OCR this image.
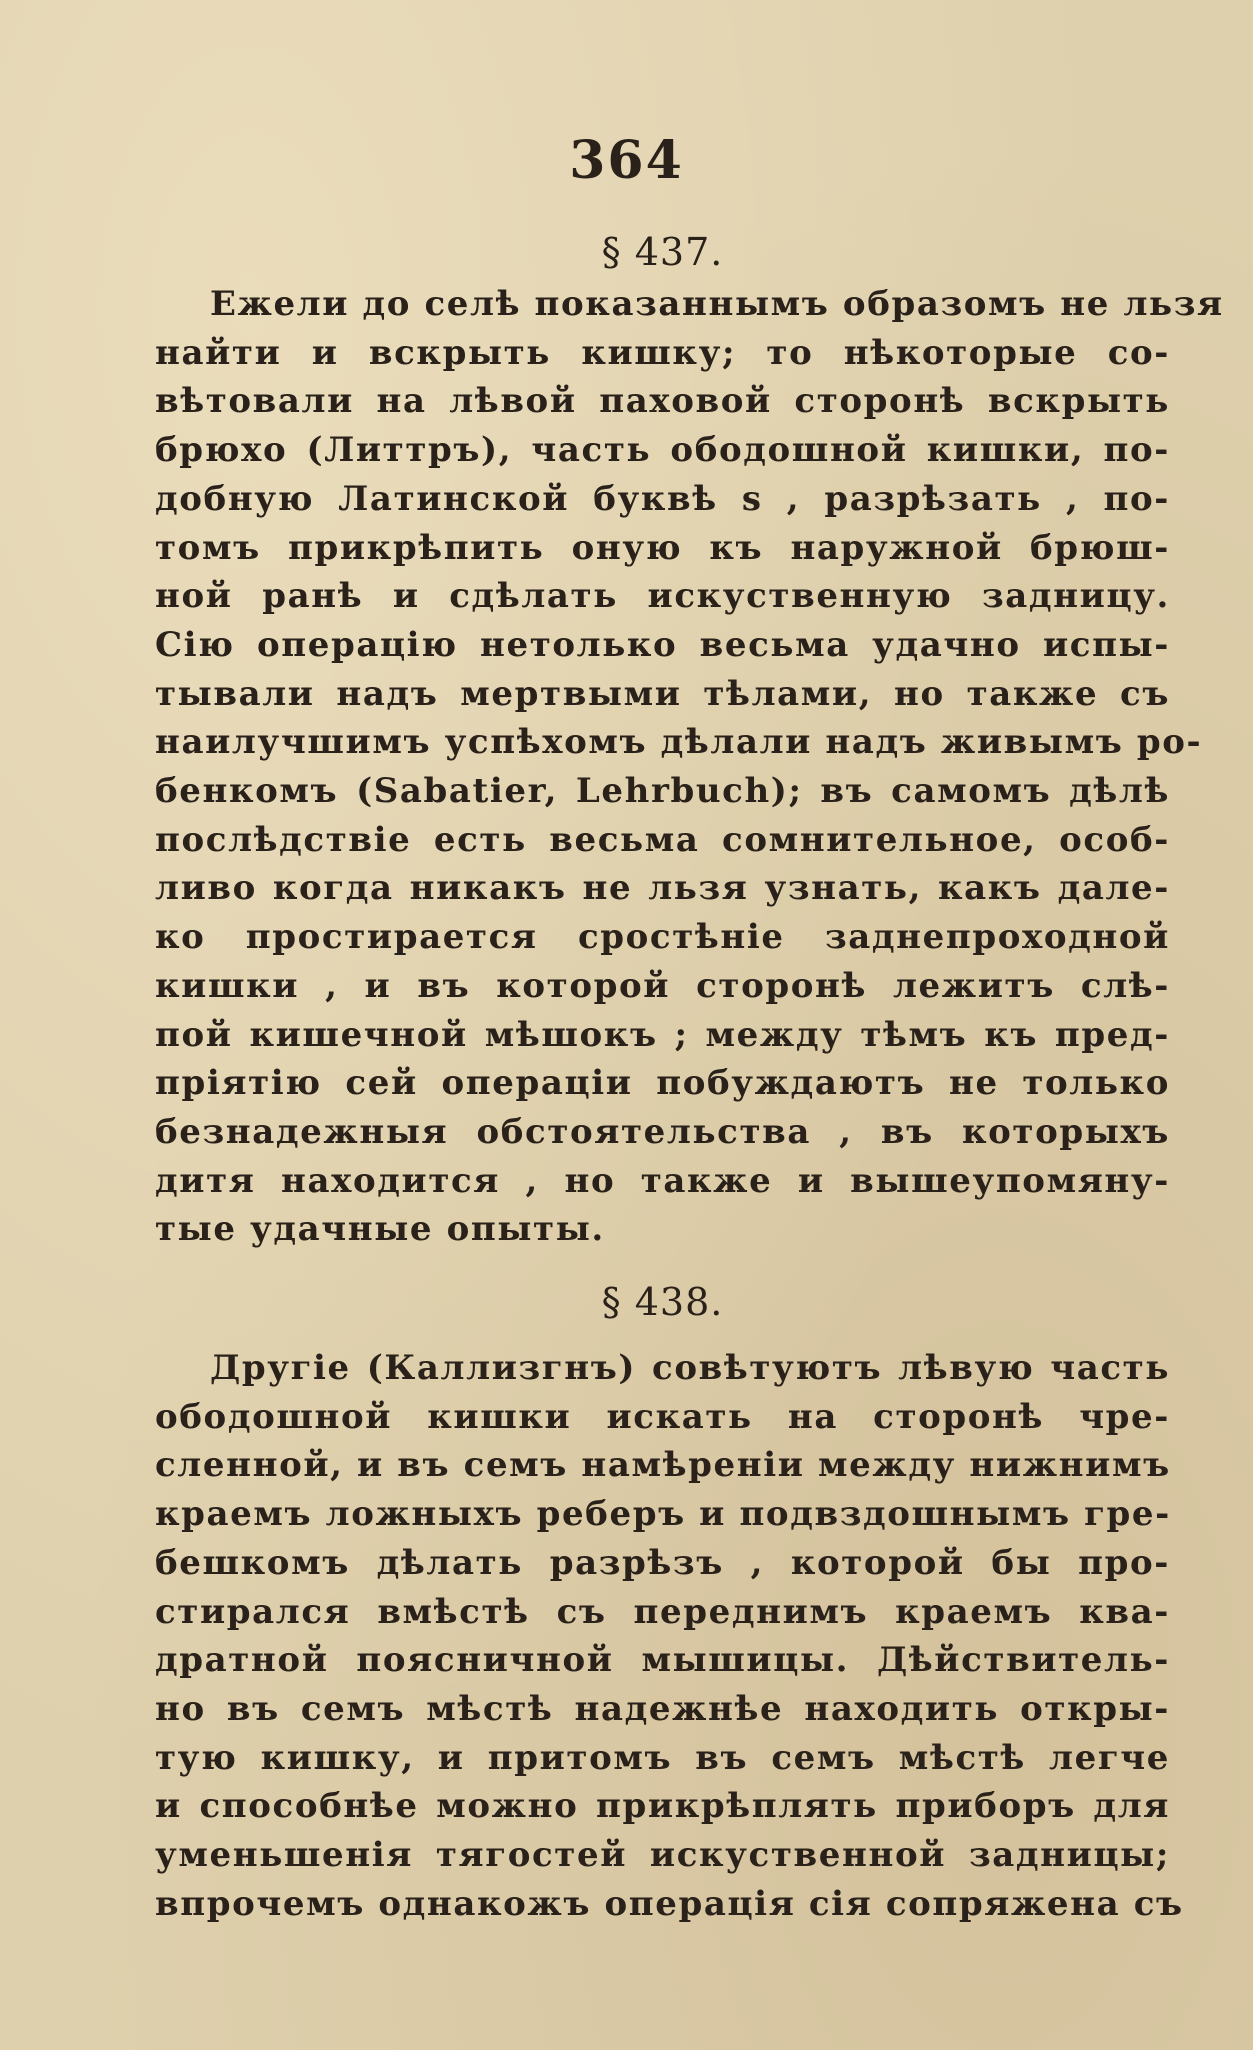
364
§ 437.
Ежели до селѣ показаннымъ образомъ не льзя
найти и вскрыть кишку; то нѣкоторые со-
вѣтовали на лѣвой паховой сторонѣ вскрыть
брюхо (Литтръ), часть ободошной кишки, по-
добную Латинской буквѣ s , разрѣзать , по-
томъ прикрѣпить оную къ наружной брюш-
ной ранѣ и сдѣлать искуственную задницу.
Сiю операцiю нетолько весьма удачно испы-
тывали надъ мертвыми тѣлами, но также съ
наилучшимъ успѣхомъ дѣлали надъ живымъ ро-
бенкомъ (Sabatier, Lehrbuch); въ самомъ дѣлѣ
послѣдствiе есть весьма сомнительное, особ-
ливо когда никакъ не льзя узнать, какъ дале-
ко простирается сростѣнiе заднепроходной
кишки , и въ которой сторонѣ лежитъ слѣ-
пой кишечной мѣшокъ ; между тѣмъ къ пред-
прiятiю сей операцiи побуждаютъ не только
безнадежныя обстоятельства , въ которыхъ
дитя находится , но также и вышеупомяну-
тые удачные опыты.
§ 438.
Другiе (Каллизгнъ) совѣтуютъ лѣвую часть
ободошной кишки искать на сторонѣ чре-
сленной, и въ семъ намѣренiи между нижнимъ
краемъ ложныхъ реберъ и подвздошнымъ гре-
бешкомъ дѣлать разрѣзъ , которой бы про-
стирался вмѣстѣ съ переднимъ краемъ ква-
дратной поясничной мышицы. Дѣйствитель-
но въ семъ мѣстѣ надежнѣе находить откры-
тую кишку, и притомъ въ семъ мѣстѣ легче
и способнѣе можно прикрѣплять приборъ для
уменьшенiя тягостей искуственной задницы;
впрочемъ однакожъ операцiя сiя сопряжена съ
